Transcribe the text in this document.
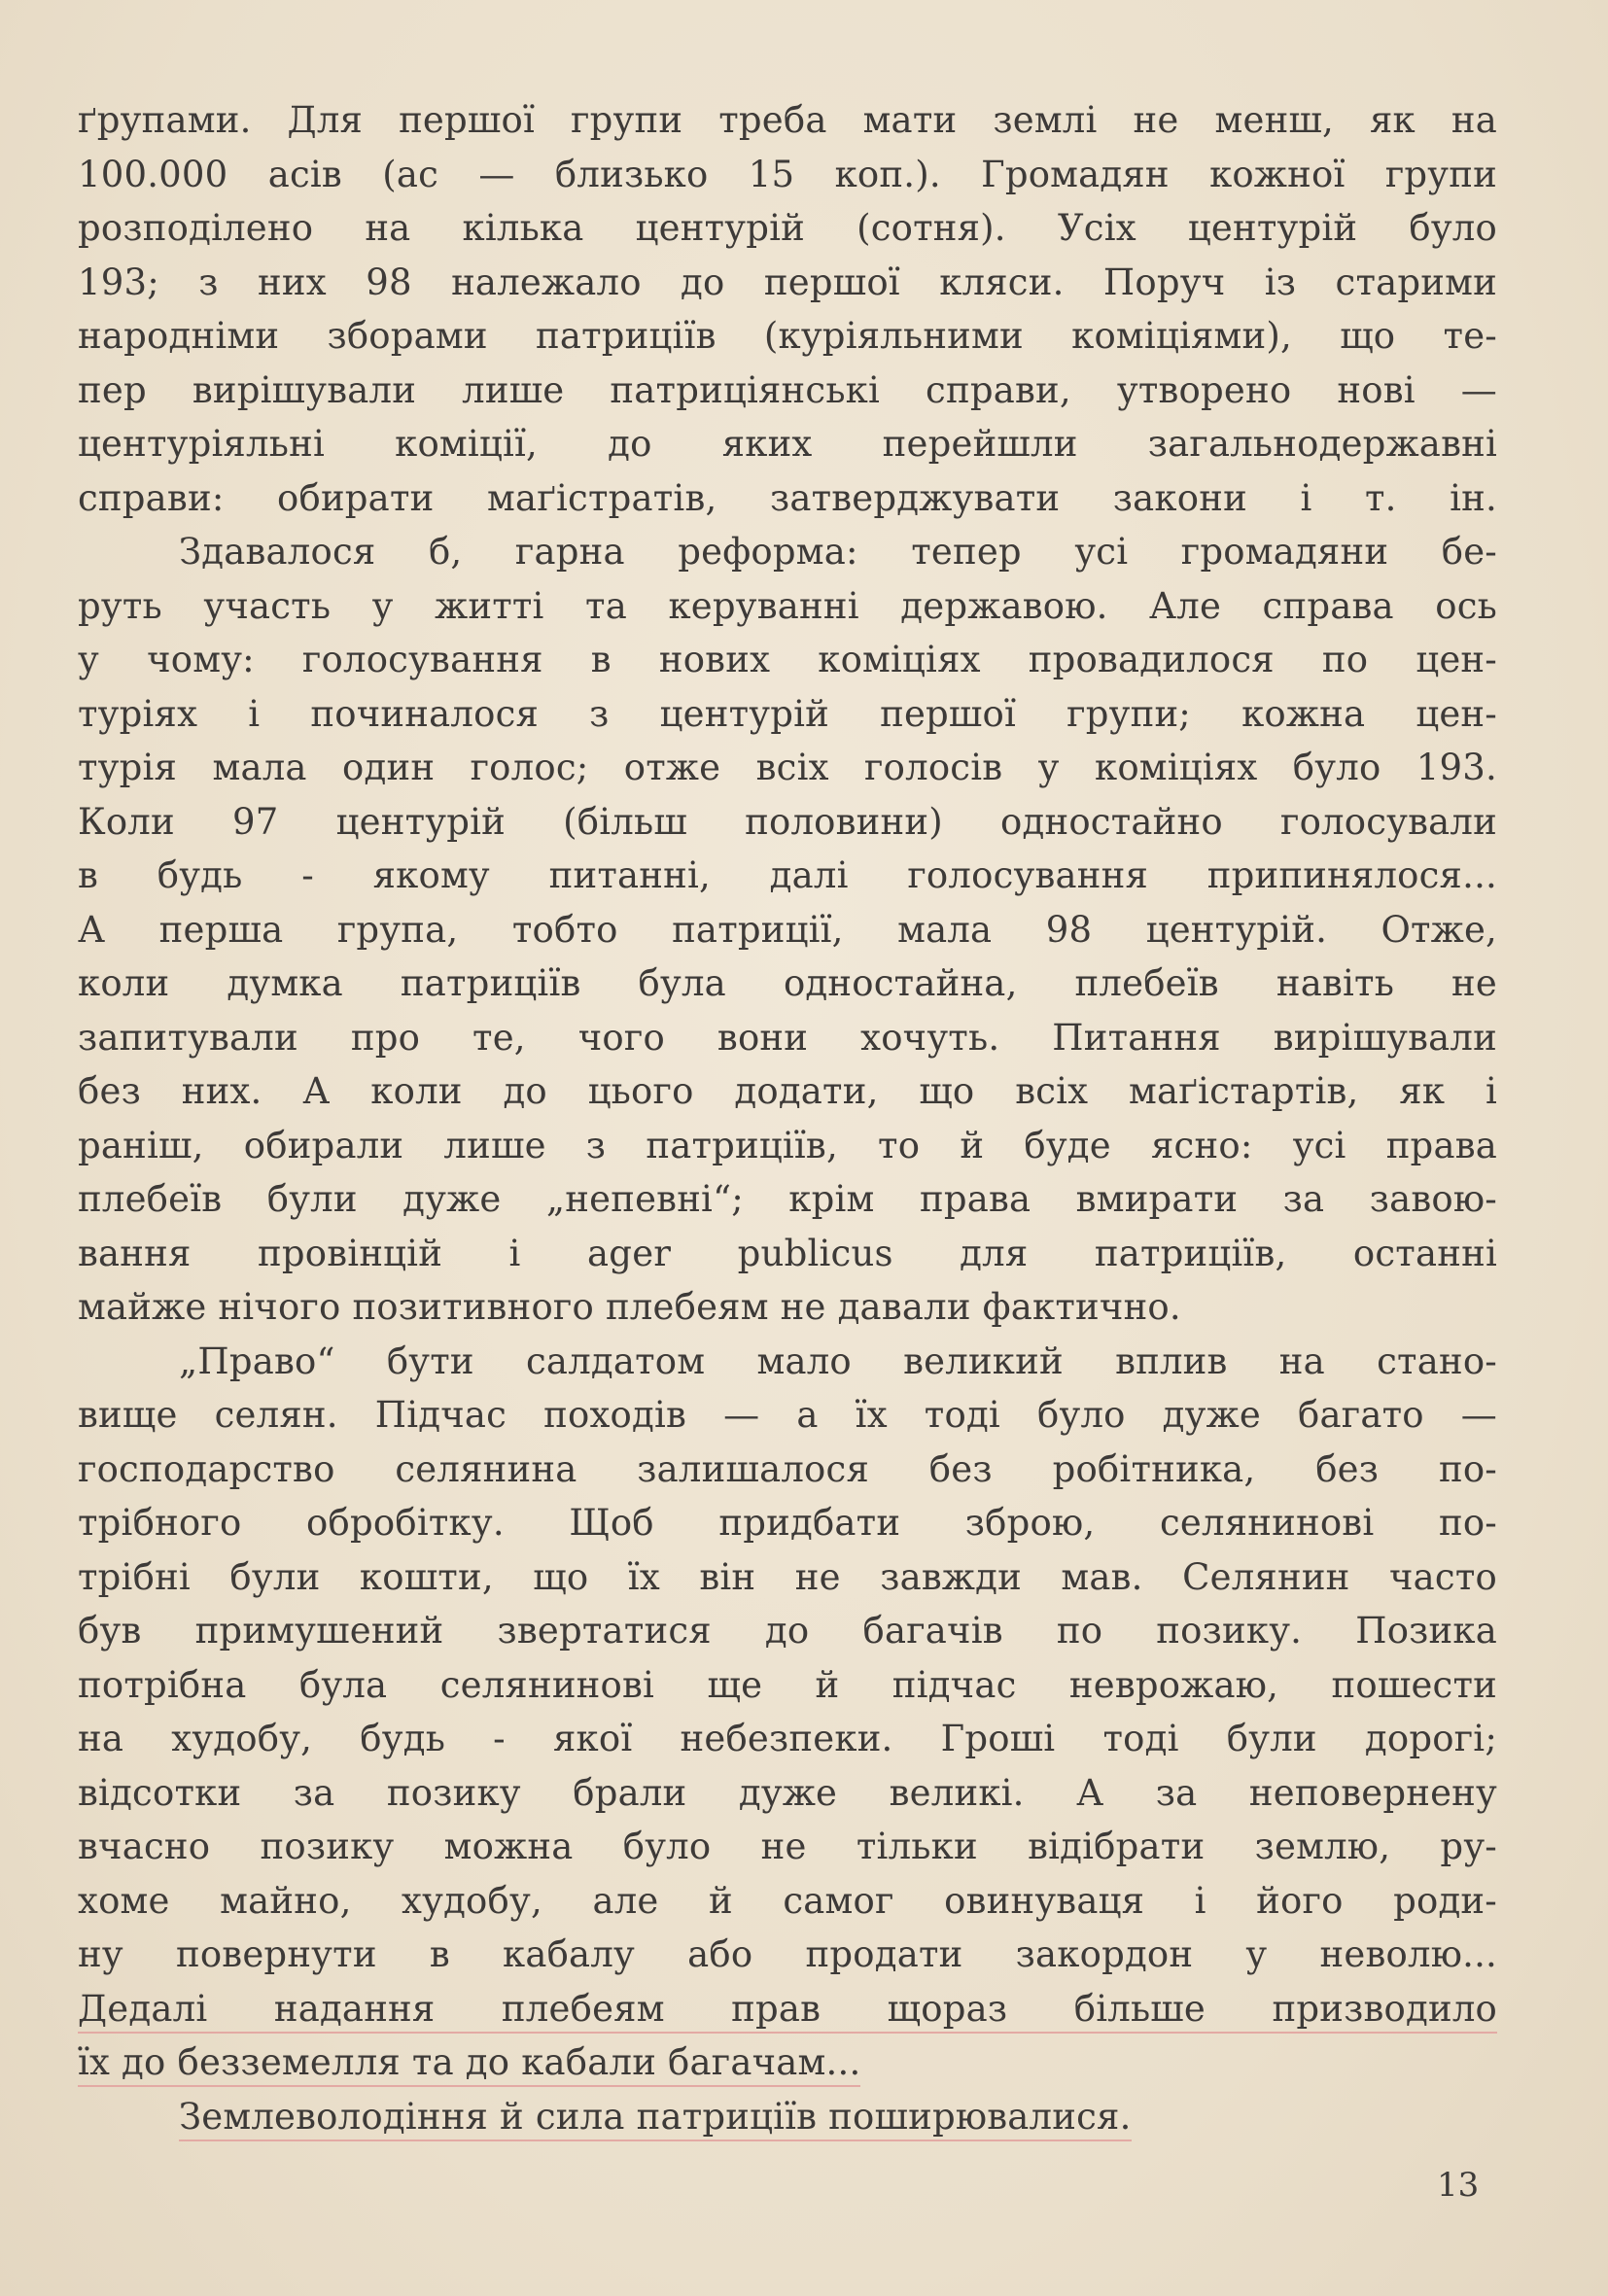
ґрупами. Для першої групи треба мати землі не менш, як на
100.000 асів (ас — близько 15 коп.). Громадян кожної групи
розподілено на кілька центурій (сотня). Усіх центурій було
193; з них 98 належало до першої кляси. Поруч із старими
народніми зборами патриціїв (куріяльними коміціями), що те-
пер вирішували лише патриціянські справи, утворено нові —
центуріяльні коміції, до яких перейшли загальнодержавні
справи: обирати маґістратів, затверджувати закони і т. ін.
Здавалося б, гарна реформа: тепер усі громадяни бе-
руть участь у житті та керуванні державою. Але справа ось
у чому: голосування в нових коміціях провадилося по цен-
туріях і починалося з центурій першої групи; кожна цен-
турія мала один голос; отже всіх голосів у коміціях було 193.
Коли 97 центурій (більш половини) одностайно голосували
в будь - якому питанні, далі голосування припинялося...
А перша група, тобто патриції, мала 98 центурій. Отже,
коли думка патриціїв була одностайна, плебеїв навіть не
запитували про те, чого вони хочуть. Питання вирішували
без них. А коли до цього додати, що всіх маґістартів, як і
раніш, обирали лише з патриціїв, то й буде ясно: усі права
плебеїв були дуже „непевні“; крім права вмирати за завою-
вання провінцій і ager publicus для патриціїв, останні
майже нічого позитивного плебеям не давали фактично.
„Право“ бути салдатом мало великий вплив на стано-
вище селян. Підчас походів — а їх тоді було дуже багато —
господарство селянина залишалося без робітника, без по-
трібного обробітку. Щоб придбати зброю, селянинові по-
трібні були кошти, що їх він не завжди мав. Селянин часто
був примушений звертатися до багачів по позику. Позика
потрібна була селянинові ще й підчас неврожаю, пошести
на худобу, будь - якої небезпеки. Гроші тоді були дорогі;
відсотки за позику брали дуже великі. А за неповернену
вчасно позику можна було не тільки відібрати землю, ру-
хоме майно, худобу, але й самог овинуваця і його роди-
ну повернути в кабалу або продати закордон у неволю...
Дедалі надання плебеям прав щораз більше призводило
їх до безземелля та до кабали багачам...
Землеволодіння й сила патриціїв поширювалися.
13
